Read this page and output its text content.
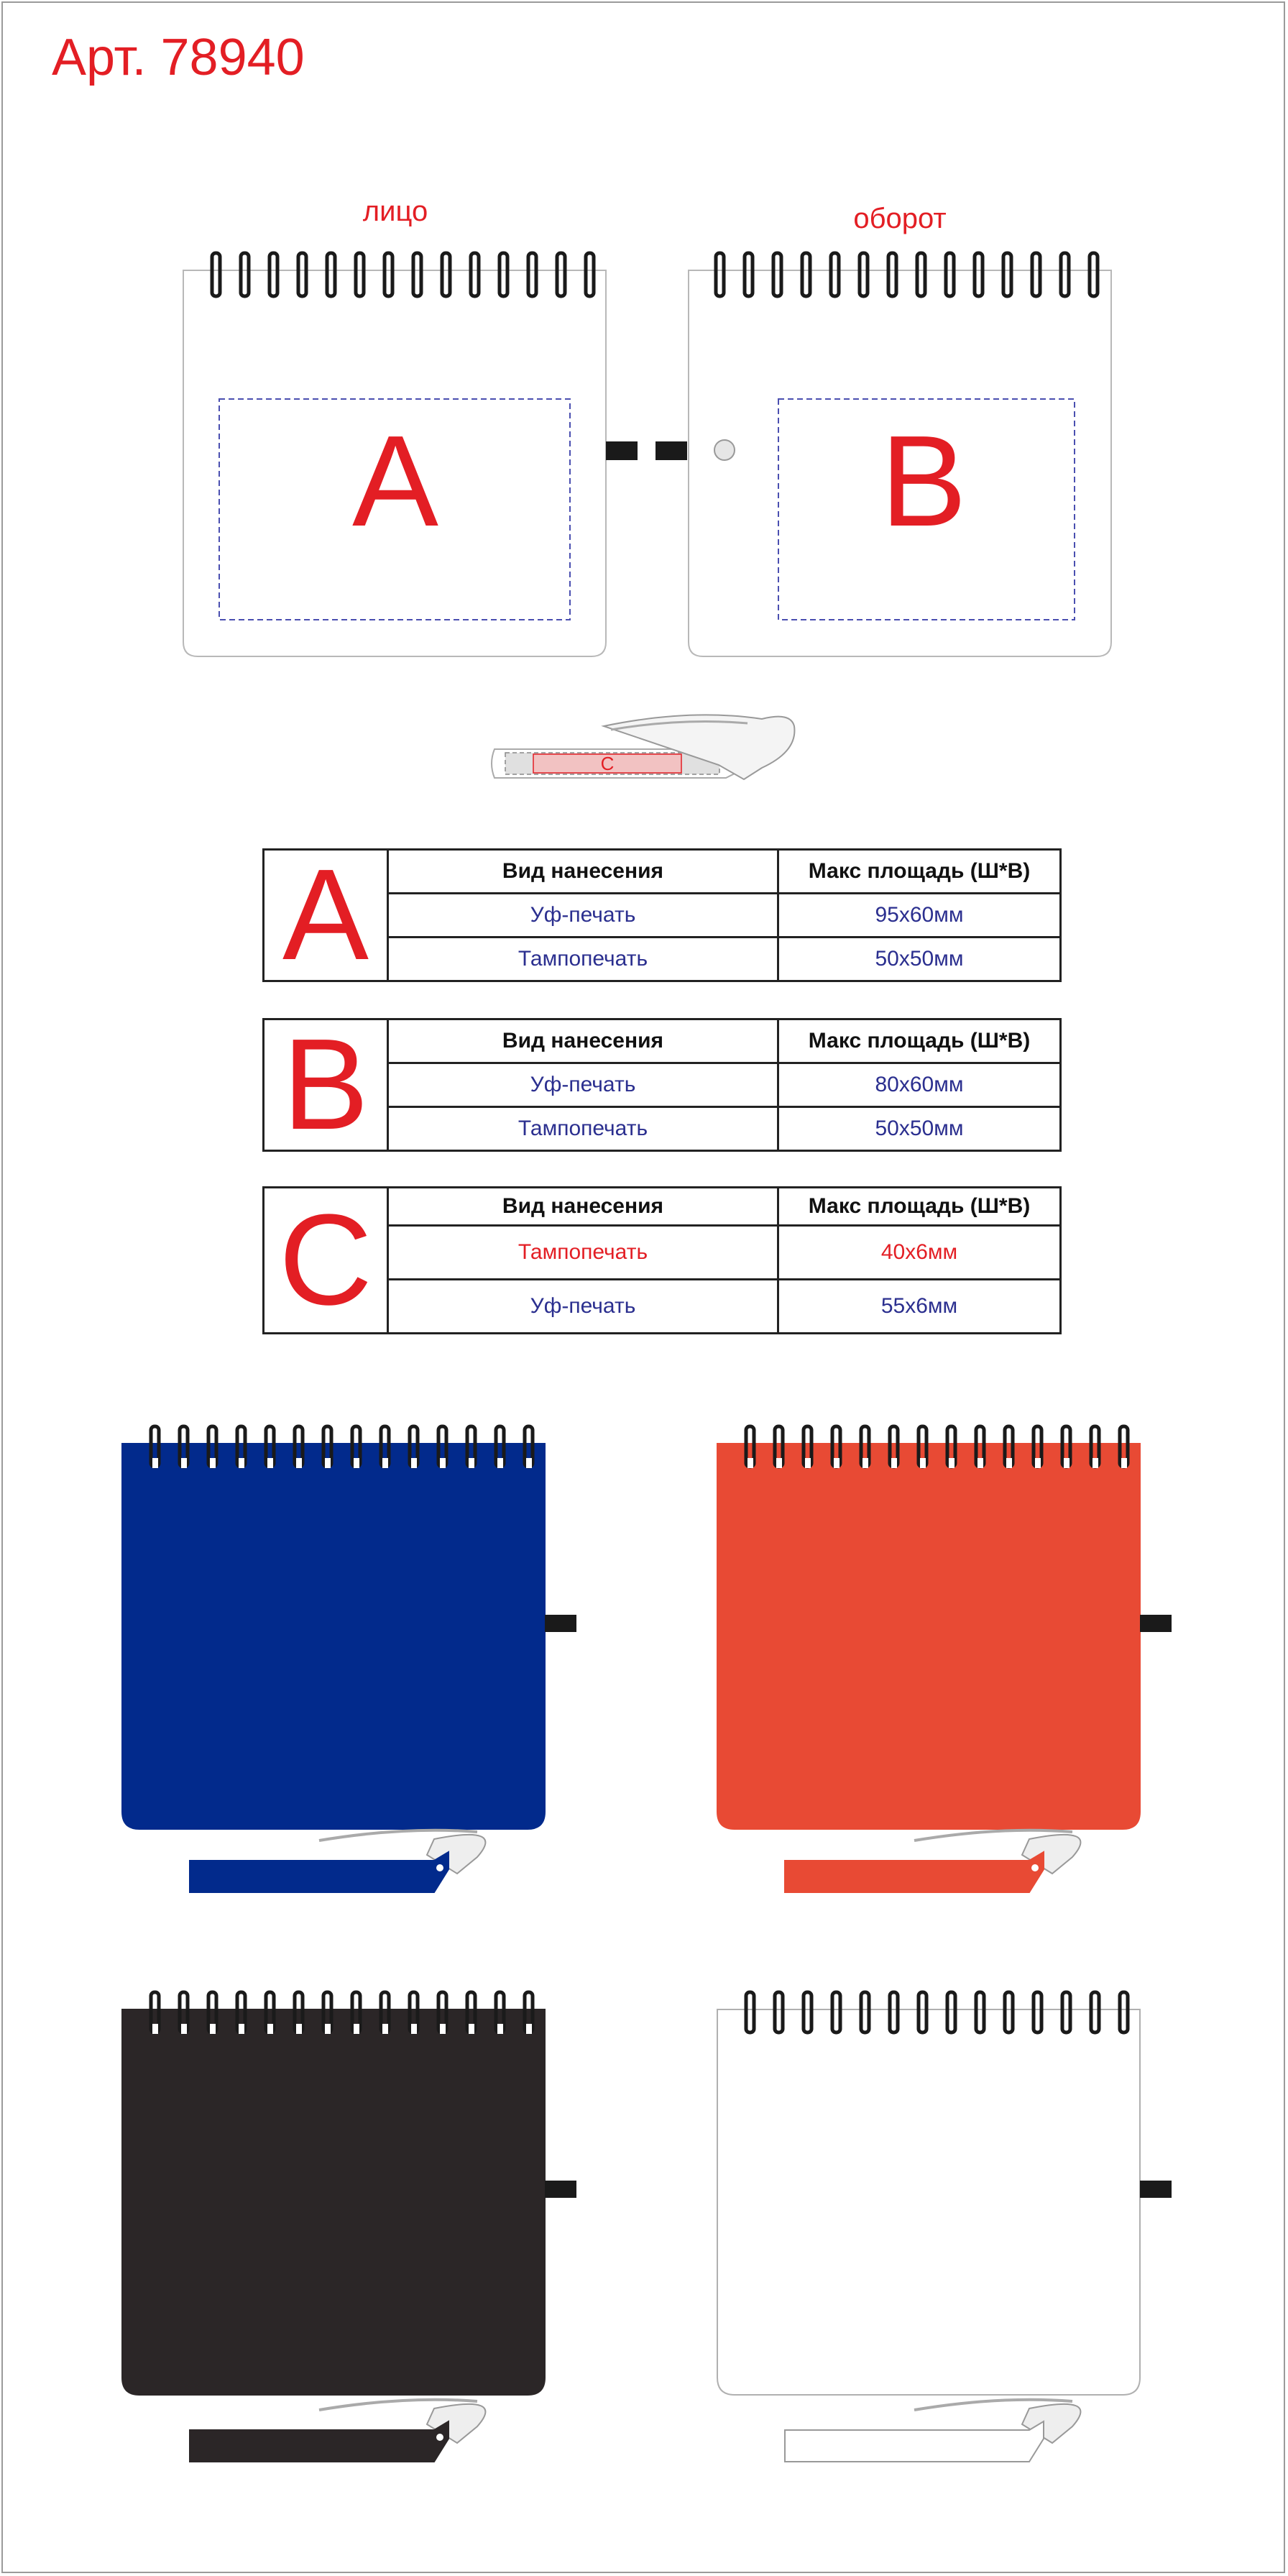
Арт. 78940
лицо	оборот
A	B
C
A	Вид нанесения	Макс площадь (Ш*В)
	Уф-печать	95x60мм
	Тампопечать	50x50мм
B	Вид нанесения	Макс площадь (Ш*В)
	Уф-печать	80x60мм
	Тампопечать	50x50мм
C	Вид нанесения	Макс площадь (Ш*В)
	Тампопечать	40x6мм
	Уф-печать	55x6мм
